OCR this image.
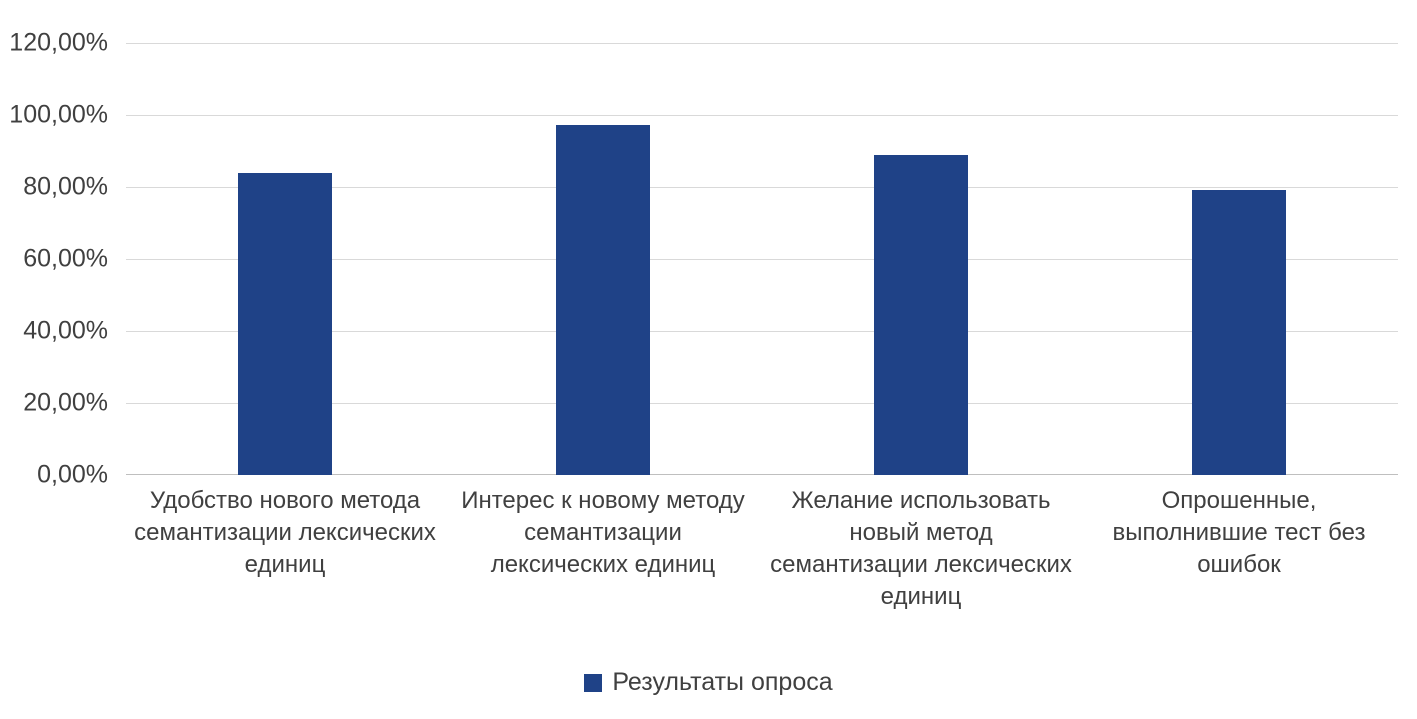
120,00%
100,00%
80,00%
60,00%
40,00%
20,00%
0,00%
Удобство нового метода семантизации лексических единиц
Интерес к новому методу семантизации лексических единиц
Желание использовать новый метод семантизации лексических единиц
Опрошенные, выполнившие тест без ошибок
Результаты опроса
